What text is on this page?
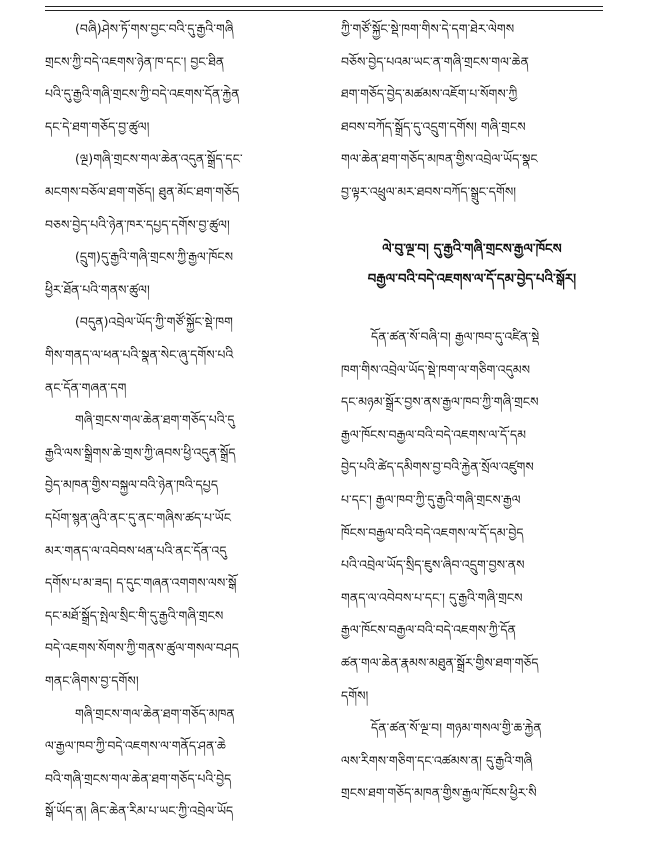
(བཞི)ཤེས་ཏོ་གས་བྱང་བའི་དུ་རྒྱའི་གཞི
གྲངས་ཀྱི་བདེ་འཇགས་ཉེན་ཁ་དང་། བྱང་ཐིན
པའི་དུ་རྒྱའི་གཞི་གྲངས་ཀྱི་བདེ་འཇགས་དོན་རྐྱེན
དང་དེ་ཐག་གཅོད་བྱ་ཚུལ།
(ལྔ)གཞི་གྲངས་གལ་ཆེན་འདུན་སྒྲོད་དང་
མངགས་བཅོལ་ཐག་གཅོད། ཐུན་མོང་ཐག་གཅོད
བཅས་བྱེད་པའི་ཉེན་ཁར་དཔྱད་དགོས་བྱ་ཚུལ།
(དྲུག)དུ་རྒྱའི་གཞི་གྲངས་ཀྱི་རྒྱལ་ཁོངས
ཕྱིར་ཐོན་པའི་གནས་ཚུལ།
(བདུན)འབྲེལ་ཡོད་ཀྱི་གཙོ་སྐྱོང་སྡེ་ཁག
གིས་གནད་ལ་ཕན་པའི་སྣན་སེང་ཞུ་དགོས་པའི
ནང་དོན་གཞན་དག
གཞི་གྲངས་གལ་ཆེན་ཐག་གཅོད་པའི་དུ
རྒྱའི་ལས་སྒྲིགས་ཆེ་གྲས་ཀྱི་ཞབས་ཕྱི་འདུན་སྒྲོད
བྱེད་མཁན་གྱིས་བསྐྱལ་བའི་ཉེན་ཁའི་དཔྱད
དཔོག་སྙན་ཞུའི་ནང་དུ་ནང་གཞིས་ཚད་པ་ཡོང
མར་གནད་ལ་འབེབས་ཕན་པའི་ནང་དོན་འདུ
དགོས་པ་མ་ཟད། ད་དུང་གཞན་འགགས་ལས་སྒོ
དང་མཐོ་སྒྲོད་སྤེལ་སྲིང་གི་དུ་རྒྱའི་གཞི་གྲངས
བདེ་འཇགས་སོགས་ཀྱི་གནས་ཚུལ་གསལ་བཤད
གནང་ཞིགས་བྱ་དགོས།
གཞི་གྲངས་གལ་ཆེན་ཐག་གཅོད་མཁན
ལ་རྒྱལ་ཁབ་ཀྱི་བདེ་འཇགས་ལ་གནོད་ཤན་ཆེ
བའི་གཞི་གྲངས་གལ་ཆེན་ཐག་གཅོད་པའི་བྱེད
སྒོ་ཡོད་ན། ཞིང་ཆེན་རིམ་པ་ཡང་ཀྱི་འབྲེལ་ཡོད
ཀྱི་གཙོ་སྐྱོང་སྡེ་ཁག་གིས་དེ་དག་ཐེར་ལེགས
བཅོས་བྱེད་པའམ་ཡང་ན་གཞི་གྲངས་གལ་ཆེན
ཐག་གཅོད་བྱེད་མཚམས་འཇོག་པ་སོགས་ཀྱི
ཐབས་བཀོད་སྒྲོད་དུ་འདྲུག་དགོས། གཞི་གྲངས
གལ་ཆེན་ཐག་གཅོད་མཁན་གྱིས་འབྲེལ་ཡོད་སྣང
བྱ་ལྟར་འཕྲུལ་མར་ཐབས་བཀོད་སྒྲུང་དགོས།
ལེ་བུ་ལྔ་བ། དུ་རྒྱའི་གཞི་གྲངས་རྒྱལ་ཁོངས
བརྒྱལ་བའི་བདེ་འཇགས་ལ་དོ་དམ་བྱེད་པའི་སྒོར།
དོན་ཚན་སོ་བཞི་བ། རྒྱལ་ཁབ་དུ་འཛིན་སྡེ
ཁག་གིས་འབྲེལ་ཡོད་སྡེ་ཁག་ལ་གཅིག་འདུམས
དང་མཉམ་སྒྲོར་བྱས་ནས་རྒྱལ་ཁབ་ཀྱི་གཞི་གྲངས
རྒྱལ་ཁོངས་བརྒྱལ་བའི་བདེ་འཇགས་ལ་དོ་དམ
བྱེད་པའི་ཚེད་དམིགས་བྱ་བའི་རྐྱེན་སྲོལ་འཛུགས
པ་དང་། རྒྱལ་ཁབ་ཀྱི་དུ་རྒྱའི་གཞི་གྲངས་རྒྱལ
ཁོངས་བརྒྱལ་བའི་བདེ་འཇགས་ལ་དོ་དམ་བྱེད
པའི་འབྲེལ་ཡོད་སྲིད་ཇུས་ཞིབ་འདྲུག་བྱས་ནས
གནད་ལ་འབེབས་པ་དང་། དུ་རྒྱའི་གཞི་གྲངས
རྒྱལ་ཁོངས་བརྒྱལ་བའི་བདེ་འཇགས་ཀྱི་དོན
ཚན་གལ་ཆེན་རྣམས་མཐུན་སྒྲོར་གྱིས་ཐག་གཅོད
དགོས།
དོན་ཚན་སོ་ལྔ་བ། གཉམ་གསལ་གྱི་ཆ་རྐྱེན
ལས་རིགས་གཅིག་དང་འཚམས་ན། དུ་རྒྱའི་གཞི
གྲངས་ཐག་གཅོད་མཁན་གྱིས་རྒྱལ་ཁོངས་ཕྱིར་སི
